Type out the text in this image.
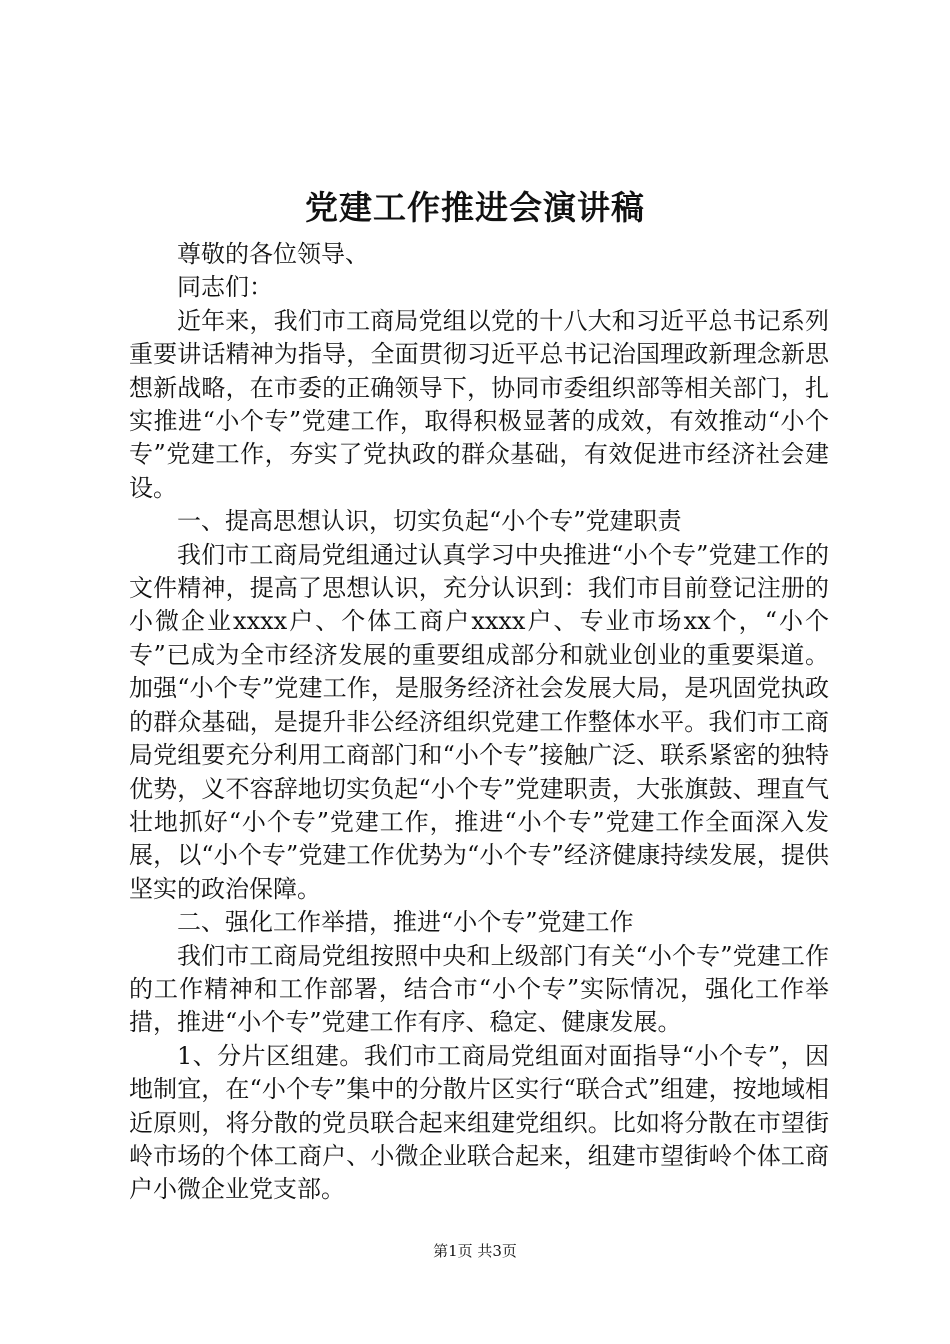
党建工作推进会演讲稿

尊敬的各位领导、

同志们：

近年来，我们市工商局党组以党的十八大和习近平总书记系列重要讲话精神为指导，全面贯彻习近平总书记治国理政新理念新思想新战略，在市委的正确领导下，协同市委组织部等相关部门，扎实推进“小个专”党建工作，取得积极显著的成效，有效推动“小个专”党建工作，夯实了党执政的群众基础，有效促进市经济社会建设。

一、提高思想认识，切实负起“小个专”党建职责

我们市工商局党组通过认真学习中央推进“小个专”党建工作的文件精神，提高了思想认识，充分认识到：我们市目前登记注册的小微企业xxxx户、个体工商户xxxx户、专业市场xx个，“小个专”已成为全市经济发展的重要组成部分和就业创业的重要渠道。加强“小个专”党建工作，是服务经济社会发展大局，是巩固党执政的群众基础，是提升非公经济组织党建工作整体水平。我们市工商局党组要充分利用工商部门和“小个专”接触广泛、联系紧密的独特优势，义不容辞地切实负起“小个专”党建职责，大张旗鼓、理直气壮地抓好“小个专”党建工作，推进“小个专”党建工作全面深入发展，以“小个专”党建工作优势为“小个专”经济健康持续发展，提供坚实的政治保障。

二、强化工作举措，推进“小个专”党建工作

我们市工商局党组按照中央和上级部门有关“小个专”党建工作的工作精神和工作部署，结合市“小个专”实际情况，强化工作举措，推进“小个专”党建工作有序、稳定、健康发展。

1、分片区组建。我们市工商局党组面对面指导“小个专”，因地制宜，在“小个专”集中的分散片区实行“联合式”组建，按地域相近原则，将分散的党员联合起来组建党组织。比如将分散在市望街岭市场的个体工商户、小微企业联合起来，组建市望街岭个体工商户小微企业党支部。

第1页 共3页
